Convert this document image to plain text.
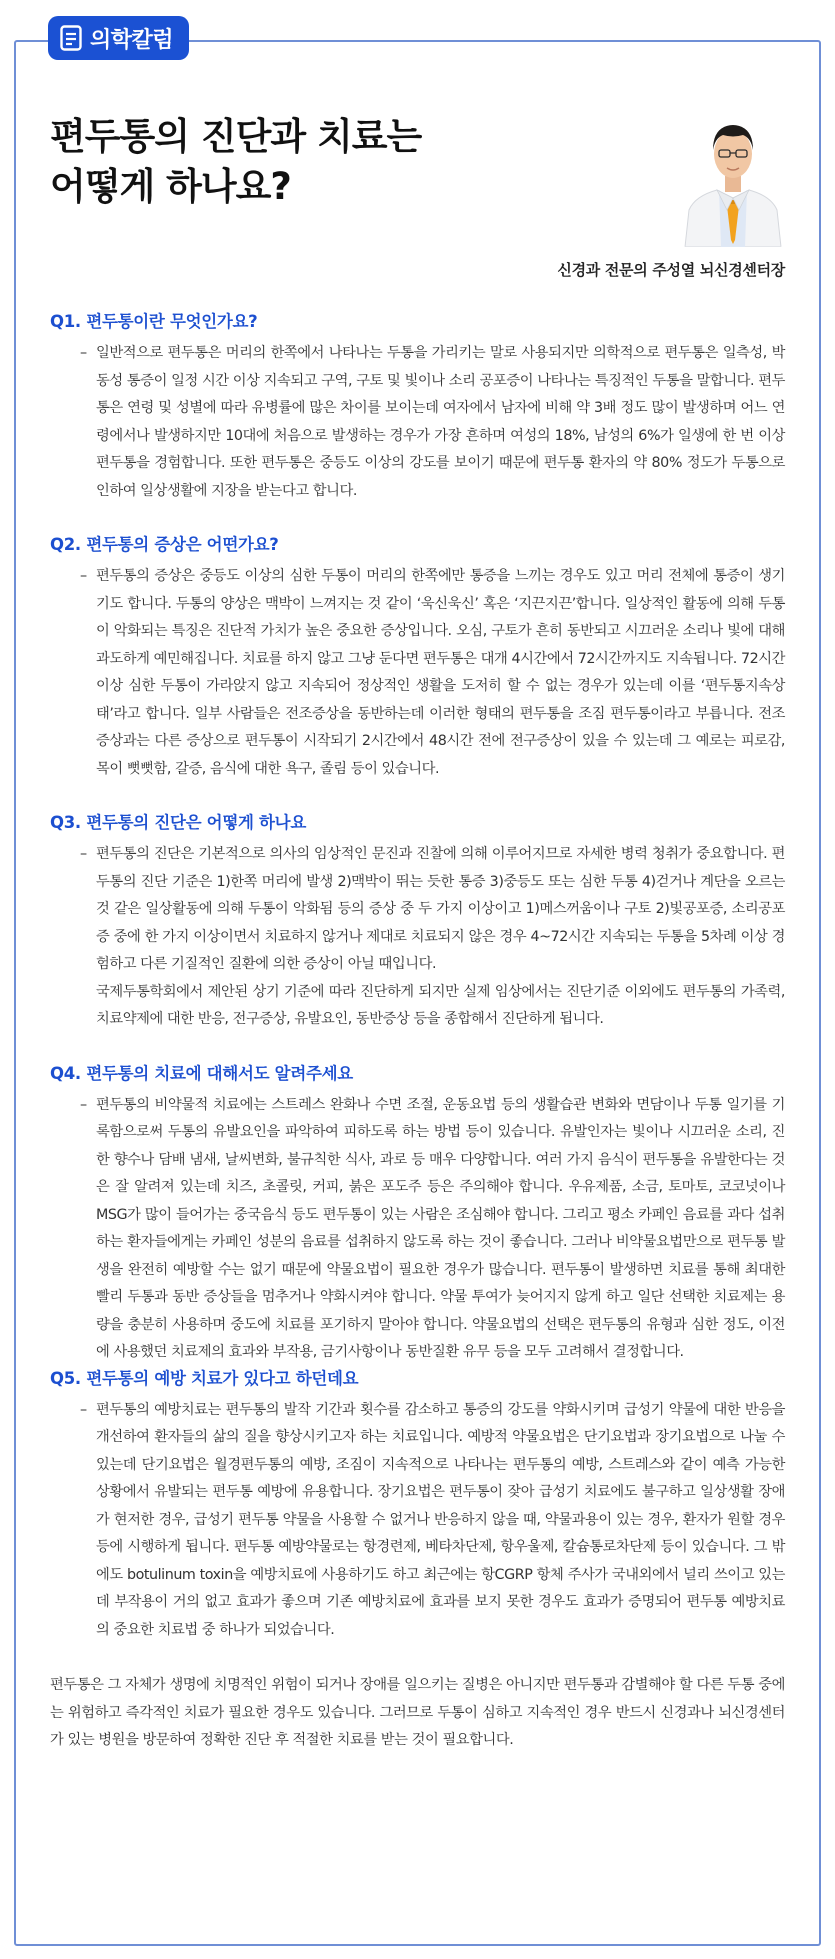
의학칼럼
편두통의 진단과 치료는
어떻게 하나요?
신경과 전문의 주성열 뇌신경센터장
Q1. 편두통이란 무엇인가요?
– 일반적으로 편두통은 머리의 한쪽에서 나타나는 두통을 가리키는 말로 사용되지만 의학적으로 편두통은 일측성, 박동성 통증이 일정 시간 이상 지속되고 구역, 구토 및 빛이나 소리 공포증이 나타나는 특징적인 두통을 말합니다. 편두통은 연령 및 성별에 따라 유병률에 많은 차이를 보이는데 여자에서 남자에 비해 약 3배 정도 많이 발생하며 어느 연령에서나 발생하지만 10대에 처음으로 발생하는 경우가 가장 흔하며 여성의 18%, 남성의 6%가 일생에 한 번 이상 편두통을 경험합니다. 또한 편두통은 중등도 이상의 강도를 보이기 때문에 편두통 환자의 약 80% 정도가 두통으로 인하여 일상생활에 지장을 받는다고 합니다.

Q2. 편두통의 증상은 어떤가요?
– 편두통의 증상은 중등도 이상의 심한 두통이 머리의 한쪽에만 통증을 느끼는 경우도 있고 머리 전체에 통증이 생기기도 합니다. 두통의 양상은 맥박이 느껴지는 것 같이 ‘욱신욱신’ 혹은 ‘지끈지끈’합니다. 일상적인 활동에 의해 두통이 악화되는 특징은 진단적 가치가 높은 중요한 증상입니다. 오심, 구토가 흔히 동반되고 시끄러운 소리나 빛에 대해 과도하게 예민해집니다. 치료를 하지 않고 그냥 둔다면 편두통은 대개 4시간에서 72시간까지도 지속됩니다. 72시간 이상 심한 두통이 가라앉지 않고 지속되어 정상적인 생활을 도저히 할 수 없는 경우가 있는데 이를 ‘편두통지속상태’라고 합니다. 일부 사람들은 전조증상을 동반하는데 이러한 형태의 편두통을 조짐 편두통이라고 부릅니다. 전조증상과는 다른 증상으로 편두통이 시작되기 2시간에서 48시간 전에 전구증상이 있을 수 있는데 그 예로는 피로감, 목이 뻣뻣함, 갈증, 음식에 대한 욕구, 졸림 등이 있습니다.

Q3. 편두통의 진단은 어떻게 하나요
– 편두통의 진단은 기본적으로 의사의 임상적인 문진과 진찰에 의해 이루어지므로 자세한 병력 청취가 중요합니다. 편두통의 진단 기준은 1)한쪽 머리에 발생 2)맥박이 뛰는 듯한 통증 3)중등도 또는 심한 두통 4)걷거나 계단을 오르는 것 같은 일상활동에 의해 두통이 악화됨 등의 증상 중 두 가지 이상이고 1)메스꺼움이나 구토 2)빛공포증, 소리공포증 중에 한 가지 이상이면서 치료하지 않거나 제대로 치료되지 않은 경우 4~72시간 지속되는 두통을 5차례 이상 경험하고 다른 기질적인 질환에 의한 증상이 아닐 때입니다.

국제두통학회에서 제안된 상기 기준에 따라 진단하게 되지만 실제 임상에서는 진단기준 이외에도 편두통의 가족력, 치료약제에 대한 반응, 전구증상, 유발요인, 동반증상 등을 종합해서 진단하게 됩니다.

Q4. 편두통의 치료에 대해서도 알려주세요
– 편두통의 비약물적 치료에는 스트레스 완화나 수면 조절, 운동요법 등의 생활습관 변화와 면담이나 두통 일기를 기록함으로써 두통의 유발요인을 파악하여 피하도록 하는 방법 등이 있습니다. 유발인자는 빛이나 시끄러운 소리, 진한 향수나 담배 냄새, 날씨변화, 불규칙한 식사, 과로 등 매우 다양합니다. 여러 가지 음식이 편두통을 유발한다는 것은 잘 알려져 있는데 치즈, 초콜릿, 커피, 붉은 포도주 등은 주의해야 합니다. 우유제품, 소금, 토마토, 코코넛이나 MSG가 많이 들어가는 중국음식 등도 편두통이 있는 사람은 조심해야 합니다. 그리고 평소 카페인 음료를 과다 섭취하는 환자들에게는 카페인 성분의 음료를 섭취하지 않도록 하는 것이 좋습니다. 그러나 비약물요법만으로 편두통 발생을 완전히 예방할 수는 없기 때문에 약물요법이 필요한 경우가 많습니다. 편두통이 발생하면 치료를 통해 최대한 빨리 두통과 동반 증상들을 멈추거나 약화시켜야 합니다. 약물 투여가 늦어지지 않게 하고 일단 선택한 치료제는 용량을 충분히 사용하며 중도에 치료를 포기하지 말아야 합니다. 약물요법의 선택은 편두통의 유형과 심한 정도, 이전에 사용했던 치료제의 효과와 부작용, 금기사항이나 동반질환 유무 등을 모두 고려해서 결정합니다.

Q5. 편두통의 예방 치료가 있다고 하던데요
– 편두통의 예방치료는 편두통의 발작 기간과 횟수를 감소하고 통증의 강도를 약화시키며 급성기 약물에 대한 반응을 개선하여 환자들의 삶의 질을 향상시키고자 하는 치료입니다. 예방적 약물요법은 단기요법과 장기요법으로 나눌 수 있는데 단기요법은 월경편두통의 예방, 조짐이 지속적으로 나타나는 편두통의 예방, 스트레스와 같이 예측 가능한 상황에서 유발되는 편두통 예방에 유용합니다. 장기요법은 편두통이 잦아 급성기 치료에도 불구하고 일상생활 장애가 현저한 경우, 급성기 편두통 약물을 사용할 수 없거나 반응하지 않을 때, 약물과용이 있는 경우, 환자가 원할 경우 등에 시행하게 됩니다. 편두통 예방약물로는 항경련제, 베타차단제, 항우울제, 칼슘통로차단제 등이 있습니다. 그 밖에도 botulinum toxin을 예방치료에 사용하기도 하고 최근에는 항CGRP 항체 주사가 국내외에서 널리 쓰이고 있는데 부작용이 거의 없고 효과가 좋으며 기존 예방치료에 효과를 보지 못한 경우도 효과가 증명되어 편두통 예방치료의 중요한 치료법 중 하나가 되었습니다.

편두통은 그 자체가 생명에 치명적인 위험이 되거나 장애를 일으키는 질병은 아니지만 편두통과 감별해야 할 다른 두통 중에는 위험하고 즉각적인 치료가 필요한 경우도 있습니다. 그러므로 두통이 심하고 지속적인 경우 반드시 신경과나 뇌신경센터가 있는 병원을 방문하여 정확한 진단 후 적절한 치료를 받는 것이 필요합니다.
